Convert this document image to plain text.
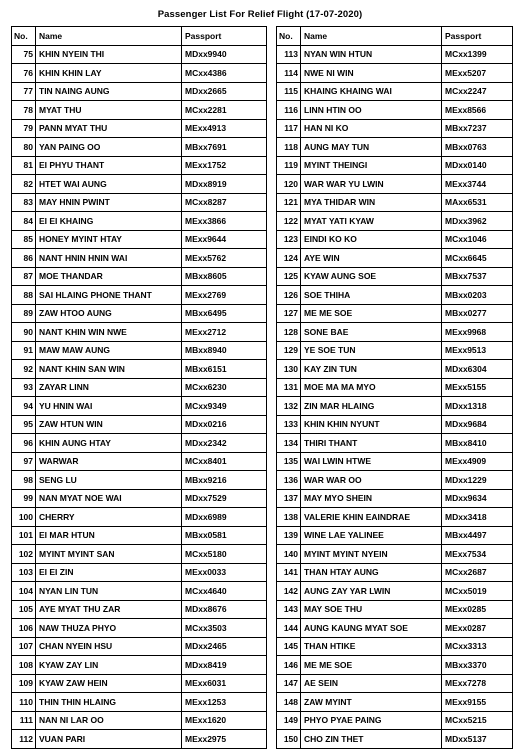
Passenger List For Relief Flight (17-07-2020)
No.	Name	Passport
75	KHIN NYEIN THI	MDxx9940
76	KHIN KHIN LAY	MCxx4386
77	TIN NAING AUNG	MDxx2665
78	MYAT THU	MCxx2281
79	PANN MYAT THU	MExx4913
80	YAN PAING OO	MBxx7691
81	EI PHYU THANT	MExx1752
82	HTET WAI AUNG	MDxx8919
83	MAY HNIN PWINT	MCxx8287
84	EI EI KHAING	MExx3866
85	HONEY MYINT HTAY	MExx9644
86	NANT HNIN HNIN WAI	MExx5762
87	MOE THANDAR	MBxx8605
88	SAI HLAING PHONE THANT	MExx2769
89	ZAW HTOO AUNG	MBxx6495
90	NANT KHIN WIN NWE	MExx2712
91	MAW MAW AUNG	MBxx8940
92	NANT KHIN SAN WIN	MBxx6151
93	ZAYAR LINN	MCxx6230
94	YU HNIN WAI	MCxx9349
95	ZAW HTUN WIN	MDxx0216
96	KHIN AUNG HTAY	MDxx2342
97	WARWAR	MCxx8401
98	SENG LU	MBxx9216
99	NAN MYAT NOE WAI	MDxx7529
100	CHERRY	MDxx6989
101	EI MAR HTUN	MBxx0581
102	MYINT MYINT SAN	MCxx5180
103	EI EI ZIN	MExx0033
104	NYAN LIN TUN	MCxx4640
105	AYE MYAT THU ZAR	MDxx8676
106	NAW THUZA PHYO	MCxx3503
107	CHAN NYEIN HSU	MDxx2465
108	KYAW ZAY LIN	MDxx8419
109	KYAW ZAW HEIN	MExx6031
110	THIN THIN HLAING	MExx1253
111	NAN NI LAR OO	MExx1620
112	VUAN PARI	MExx2975
No.	Name	Passport
113	NYAN WIN HTUN	MCxx1399
114	NWE NI WIN	MExx5207
115	KHAING KHAING WAI	MCxx2247
116	LINN HTIN OO	MExx8566
117	HAN NI KO	MBxx7237
118	AUNG MAY TUN	MBxx0763
119	MYINT THEINGI	MDxx0140
120	WAR WAR YU LWIN	MExx3744
121	MYA THIDAR WIN	MAxx6531
122	MYAT YATI KYAW	MDxx3962
123	EINDI KO KO	MCxx1046
124	AYE WIN	MCxx6645
125	KYAW AUNG SOE	MBxx7537
126	SOE THIHA	MBxx0203
127	ME ME SOE	MBxx0277
128	SONE BAE	MExx9968
129	YE SOE TUN	MExx9513
130	KAY ZIN TUN	MDxx6304
131	MOE MA MA MYO	MExx5155
132	ZIN MAR HLAING	MDxx1318
133	KHIN KHIN NYUNT	MDxx9684
134	THIRI THANT	MBxx8410
135	WAI LWIN HTWE	MExx4909
136	WAR WAR OO	MDxx1229
137	MAY MYO SHEIN	MDxx9634
138	VALERIE KHIN EAINDRAE	MDxx3418
139	WINE LAE YALINEE	MBxx4497
140	MYINT MYINT NYEIN	MExx7534
141	THAN HTAY AUNG	MCxx2687
142	AUNG ZAY YAR LWIN	MCxx5019
143	MAY SOE THU	MExx0285
144	AUNG KAUNG MYAT SOE	MExx0287
145	THAN HTIKE	MCxx3313
146	ME ME SOE	MBxx3370
147	AE SEIN	MExx7278
148	ZAW MYINT	MExx9155
149	PHYO PYAE PAING	MCxx5215
150	CHO ZIN THET	MDxx5137
